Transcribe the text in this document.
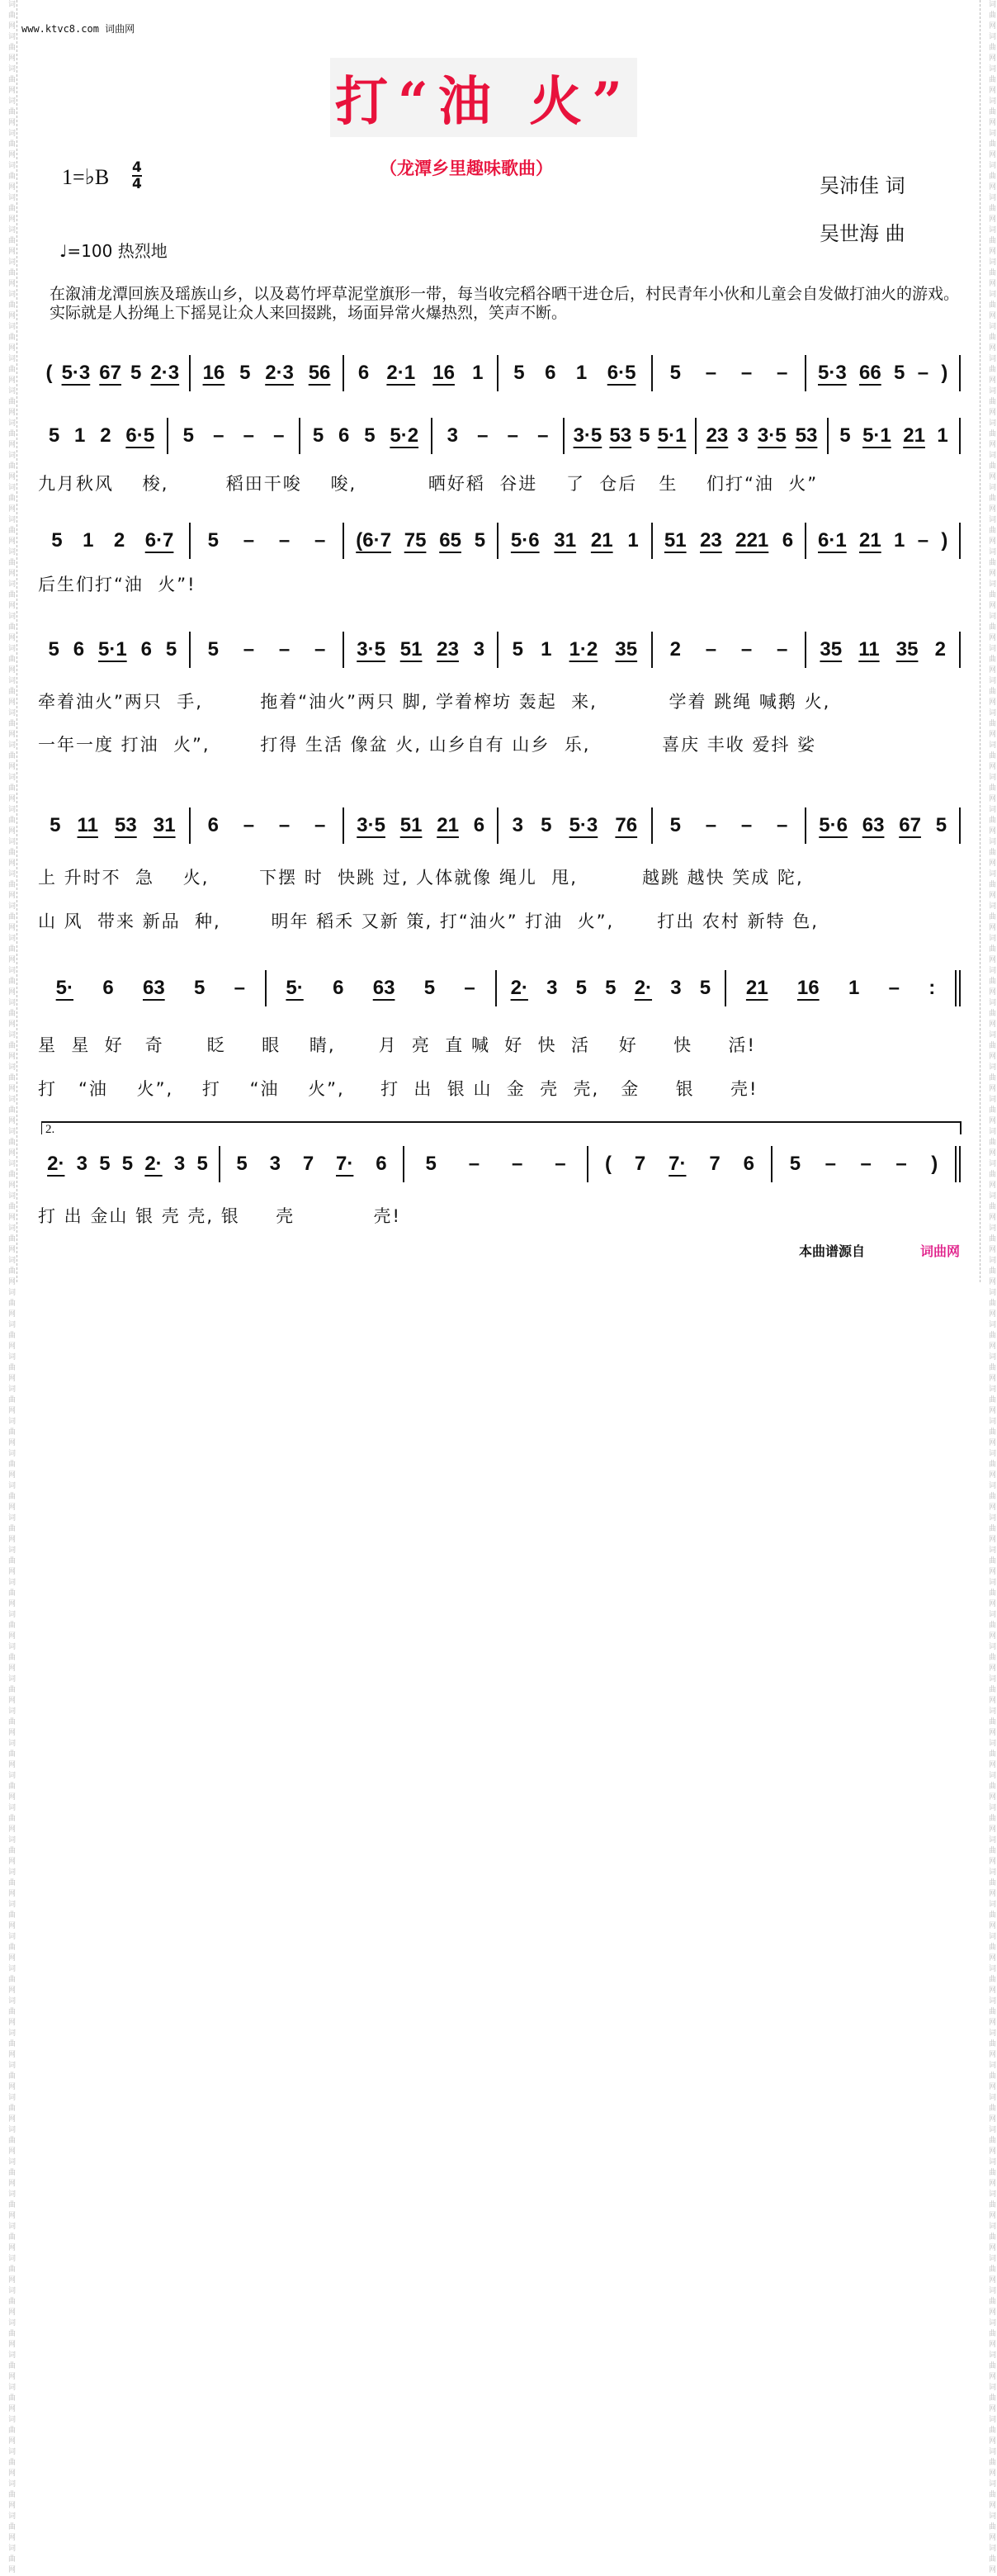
词曲网词曲网词曲网词曲网词曲网词曲网词曲网词曲网词曲网词曲网词曲网词曲网词曲网词曲网词曲网词曲网词曲网词曲网词曲网词曲网词曲网词曲网词曲网词曲网词曲网词曲网词曲网词曲网词曲网词曲网词曲网词曲网词曲网词曲网词曲网词曲网词曲网词曲网词曲网词曲网词曲网词曲网词曲网词曲网词曲网词曲网词曲网词曲网词曲网词曲网词曲网词曲网词曲网词曲网词曲网词曲网词曲网词曲网词曲网词曲网词曲网词曲网词曲网词曲网词曲网词曲网词曲网词曲网词曲网词曲网词曲网词曲网词曲网词曲网词曲网词曲网词曲网词曲网词曲网词曲网	词曲网词曲网词曲网词曲网词曲网词曲网词曲网词曲网词曲网词曲网词曲网词曲网词曲网词曲网词曲网词曲网词曲网词曲网词曲网词曲网词曲网词曲网词曲网词曲网词曲网词曲网词曲网词曲网词曲网词曲网词曲网词曲网词曲网词曲网词曲网词曲网词曲网词曲网词曲网词曲网词曲网词曲网词曲网词曲网词曲网词曲网词曲网词曲网词曲网词曲网词曲网词曲网词曲网词曲网词曲网词曲网词曲网词曲网词曲网词曲网词曲网词曲网词曲网词曲网词曲网词曲网词曲网词曲网词曲网词曲网词曲网词曲网词曲网词曲网词曲网词曲网词曲网词曲网词曲网词曲网
www.ktvc8.com 词曲网
打“油 火”
（龙潭乡里趣味歌曲）
1=♭B 4
4	吴沛佳 词
吴世海 曲
♩=100 热烈地
在溆浦龙潭回族及瑶族山乡，以及葛竹坪草泥堂旗形一带，每当收完稻谷晒干进仓后，村民青年小伙和儿童会自发做打油火的游戏。实际就是人扮绳上下摇晃让众人来回掇跳，场面异常火爆热烈，笑声不断。
( 5·3 67 5 2·3 16 5 2·3 56 6 2·1 16 1 5 6 1 6·5 5 – – – 5·3 66 5 – )
5 1 2 6·5 5 – – – 5 6 5 5·2 3 – – – 3·5 53 5 5·1 23 3 3·5 53 5 5·1 21 1
九月秋风    梭,        稻田干唆    唆,          晒好稻  谷进    了  仓后   生    们打“油  火”
5 1 2 6·7 5 – – – (6·7 75 65 5 5·6 31 21 1 51 23 221 6 6·1 21 1 – )
后生们打“油  火”!
5 6 5·1 6 5 5 – – – 3·5 51 23 3 5 1 1·2 35 2 – – – 35 11 35 2
牵着油火”两只  手,        拖着“油火”两只 脚, 学着榨坊 轰起  来,          学着 跳绳 喊鹅 火,
一年一度 打油  火”,       打得 生活 像盆 火, 山乡自有 山乡  乐,          喜庆 丰收 爱抖 娑
5 11 53 31 6 – – – 3·5 51 21 6 3 5 5·3 76 5 – – – 5·6 63 67 5
上 升时不  急    火,       下摆 时  快跳 过, 人体就像 绳儿  甩,         越跳 越快 笑成 陀,
山 风  带来 新品  种,       明年 稻禾 又新 策, 打“油火” 打油  火”,      打出 农村 新特 色,
5· 6 63 5 – 5· 6 63 5 – 2· 3 5 5 2· 3 5 21 16 1 – :
星  星  好   奇      眨     眼    睛,      月  亮  直 喊  好  快  活    好     快     活!
打   “油    火”,    打    “油    火”,     打  出  银 山  金  壳  壳,   金     银     壳!
2.
2· 3 5 5 2· 3 5 5 3 7 7· 6 5 – – – ( 7 7· 7 6 5 – – – )
打 出 金山 银 壳 壳, 银     壳           壳!
本曲谱源自	词曲网
